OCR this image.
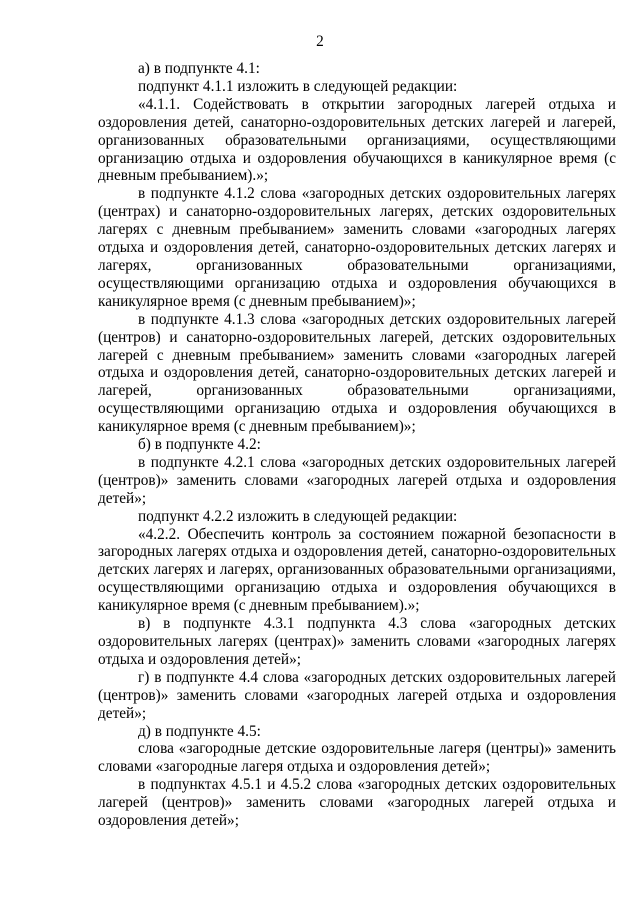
2

а) в подпункте 4.1:

подпункт 4.1.1 изложить в следующей редакции:

«4.1.1. Содействовать в открытии загородных лагерей отдыха и оздоровления детей, санаторно-оздоровительных детских лагерей и лагерей, организованных образовательными организациями, осуществляющими организацию отдыха и оздоровления обучающихся в каникулярное время (с дневным пребыванием).»;

в подпункте 4.1.2 слова «загородных детских оздоровительных лагерях (центрах) и санаторно-оздоровительных лагерях, детских оздоровительных лагерях с дневным пребыванием» заменить словами «загородных лагерях отдыха и оздоровления детей, санаторно-оздоровительных детских лагерях и лагерях, организованных образовательными организациями, осуществляющими организацию отдыха и оздоровления обучающихся в каникулярное время (с дневным пребыванием)»;

в подпункте 4.1.3 слова «загородных детских оздоровительных лагерей (центров) и санаторно-оздоровительных лагерей, детских оздоровительных лагерей с дневным пребыванием» заменить словами «загородных лагерей отдыха и оздоровления детей, санаторно-оздоровительных детских лагерей и лагерей, организованных образовательными организациями, осуществляющими организацию отдыха и оздоровления обучающихся в каникулярное время (с дневным пребыванием)»;

б) в подпункте 4.2:

в подпункте 4.2.1 слова «загородных детских оздоровительных лагерей (центров)» заменить словами «загородных лагерей отдыха и оздоровления детей»;

подпункт 4.2.2 изложить в следующей редакции:

«4.2.2. Обеспечить контроль за состоянием пожарной безопасности в загородных лагерях отдыха и оздоровления детей, санаторно-оздоровительных детских лагерях и лагерях, организованных образовательными организациями, осуществляющими организацию отдыха и оздоровления обучающихся в каникулярное время (с дневным пребыванием).»;

в) в подпункте 4.3.1 подпункта 4.3 слова «загородных детских оздоровительных лагерях (центрах)» заменить словами «загородных лагерях отдыха и оздоровления детей»;

г) в подпункте 4.4 слова «загородных детских оздоровительных лагерей (центров)» заменить словами «загородных лагерей отдыха и оздоровления детей»;

д) в подпункте 4.5:

слова «загородные детские оздоровительные лагеря (центры)» заменить словами «загородные лагеря отдыха и оздоровления детей»;

в подпунктах 4.5.1 и 4.5.2 слова «загородных детских оздоровительных лагерей (центров)» заменить словами «загородных лагерей отдыха и оздоровления детей»;
